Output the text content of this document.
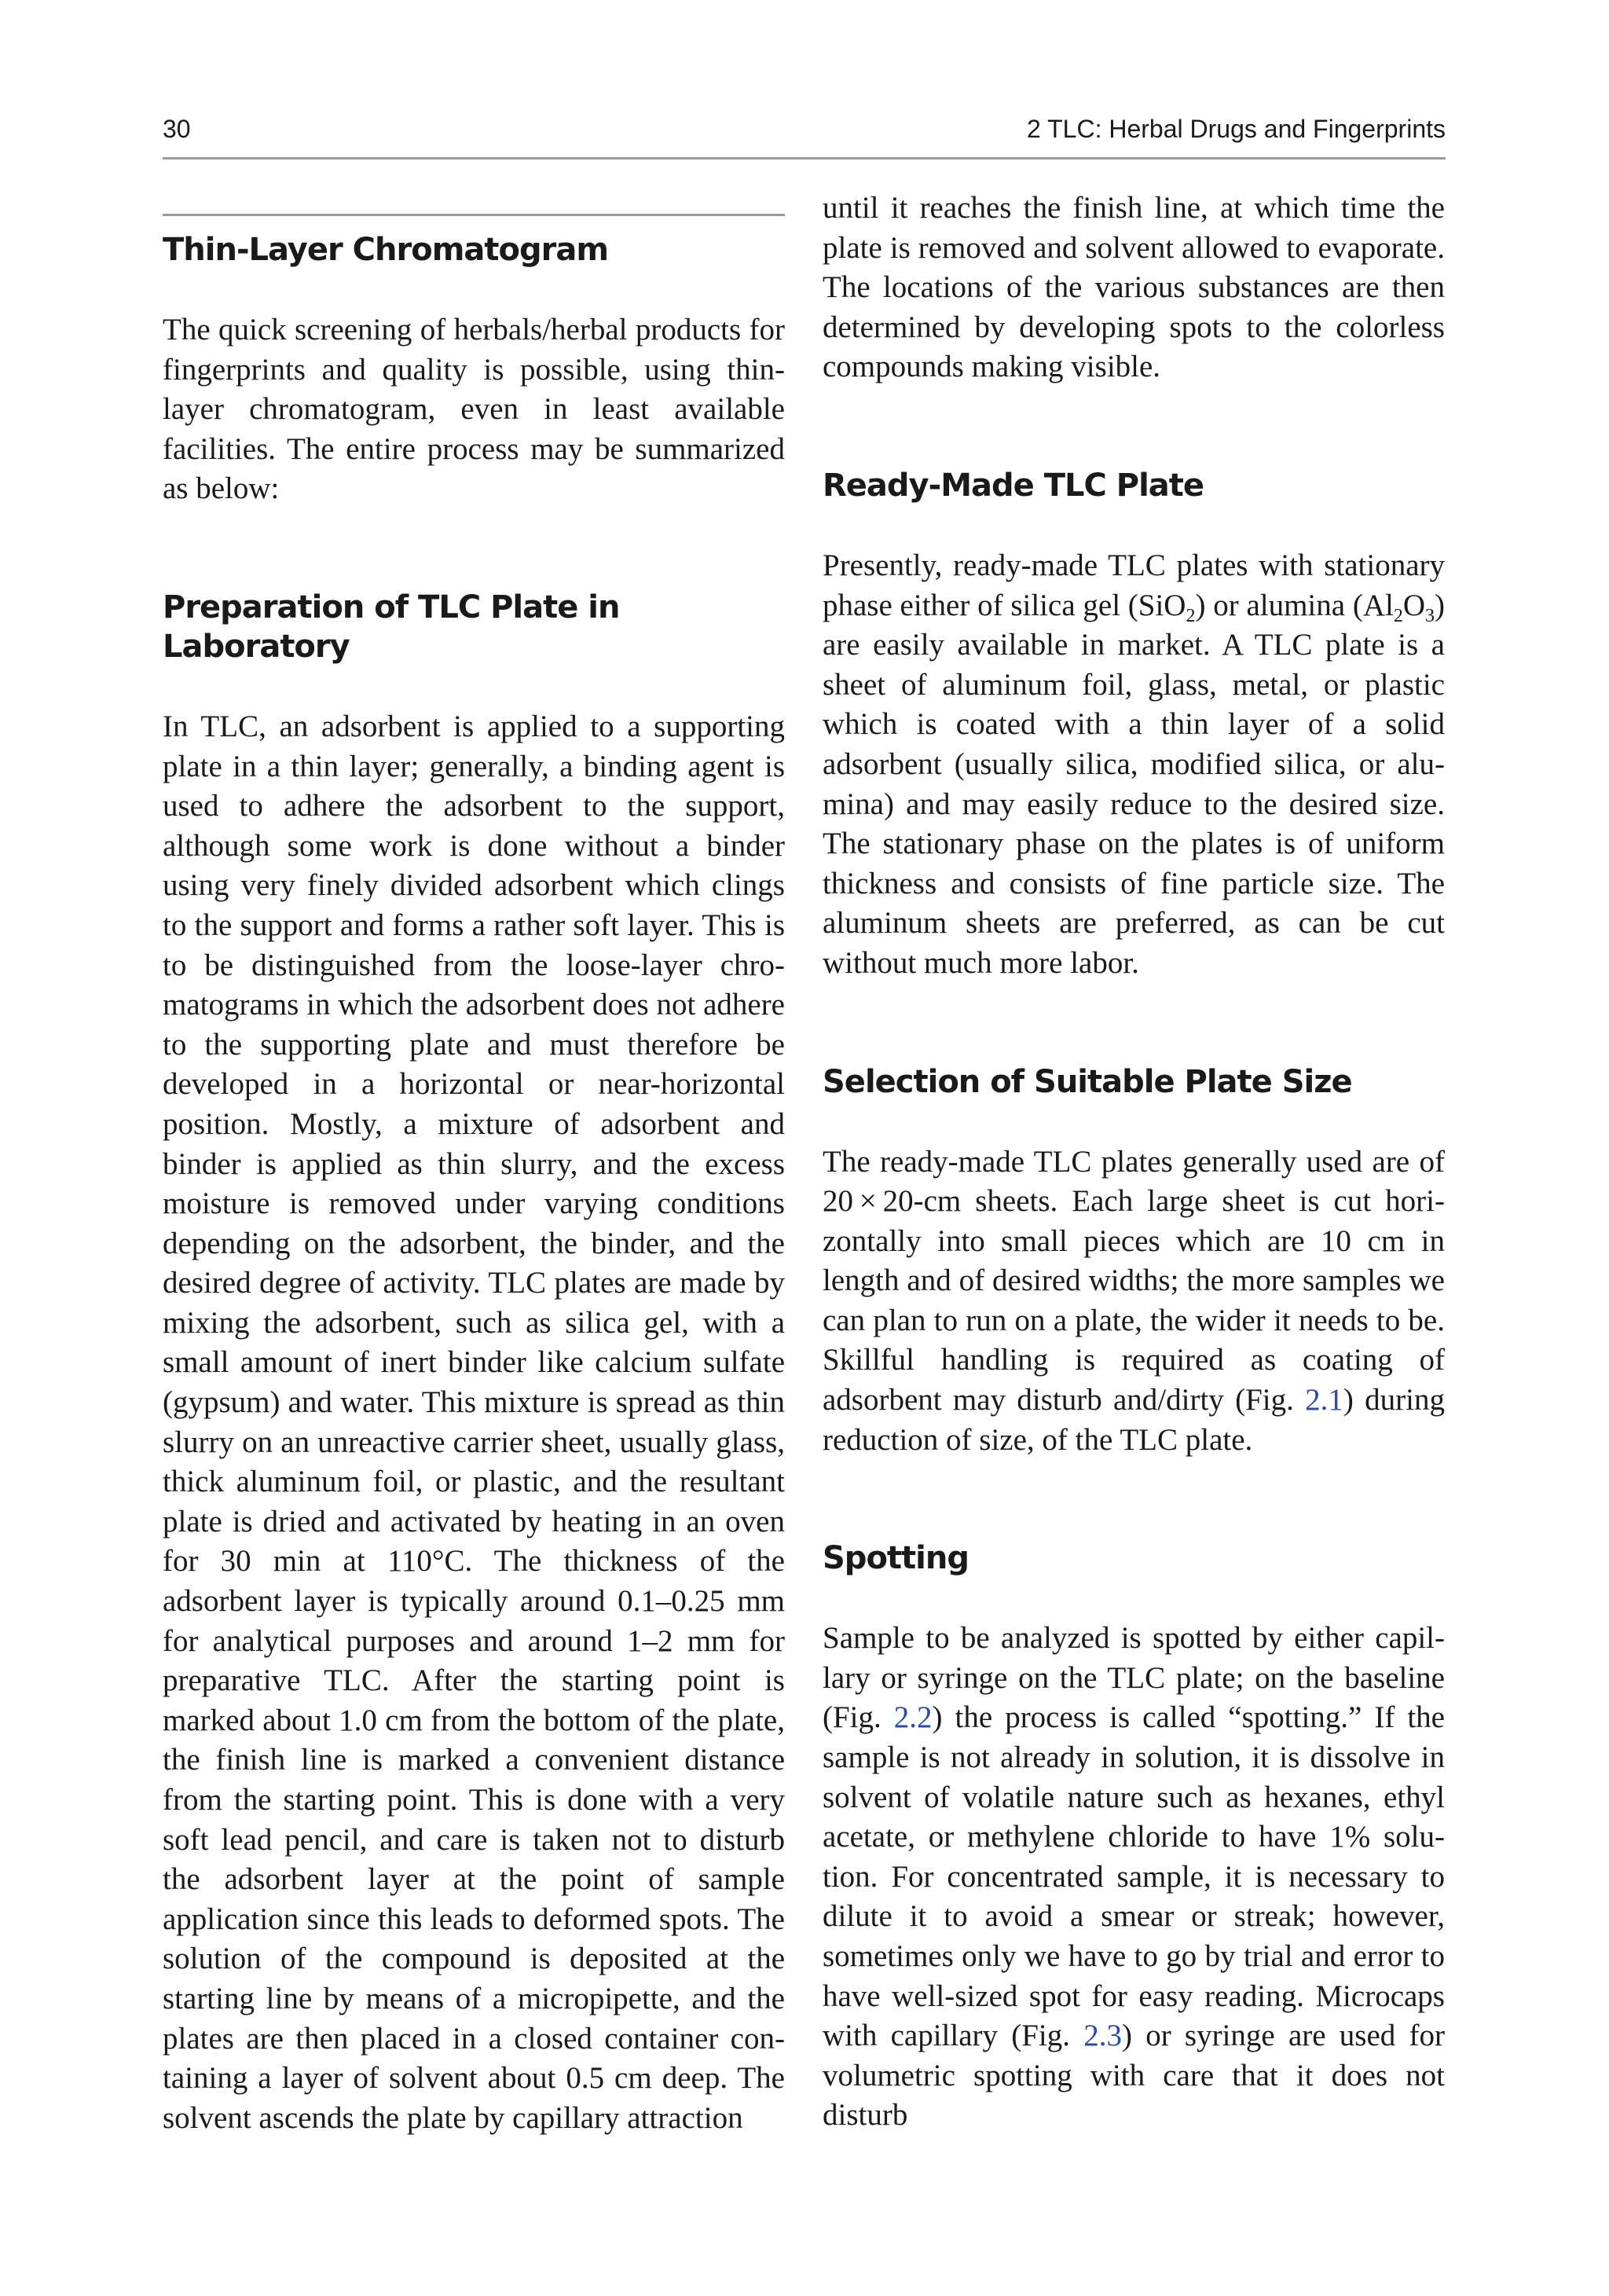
30	2 TLC: Herbal Drugs and Fingerprints
Thin-Layer Chromatogram

The quick screening of herbals/herbal products for fingerprints and quality is possible, using thin-layer chromatogram, even in least available facilities. The entire process may be summarized as below:

Preparation of TLC Plate in Laboratory

In TLC, an adsorbent is applied to a supporting plate in a thin layer; generally, a binding agent is used to adhere the adsorbent to the support, although some work is done without a binder using very finely divided adsorbent which clings to the support and forms a rather soft layer. This is to be distinguished from the loose-layer chromatograms in which the adsorbent does not adhere to the supporting plate and must therefore be developed in a horizontal or near-horizontal position. Mostly, a mixture of adsorbent and binder is applied as thin slurry, and the excess moisture is removed under varying conditions depending on the adsorbent, the binder, and the desired degree of activity. TLC plates are made by mixing the adsorbent, such as silica gel, with a small amount of inert binder like calcium sulfate (gypsum) and water. This mixture is spread as thin slurry on an unreactive carrier sheet, usually glass, thick aluminum foil, or plastic, and the resultant plate is dried and activated by heating in an oven for 30 min at 110°C. The thickness of the adsorbent layer is typically around 0.1–0.25 mm for analytical purposes and around 1–2 mm for preparative TLC. After the starting point is marked about 1.0 cm from the bottom of the plate, the finish line is marked a convenient distance from the starting point. This is done with a very soft lead pencil, and care is taken not to disturb the adsorbent layer at the point of sample application since this leads to deformed spots. The solution of the compound is deposited at the starting line by means of a micropipette, and the plates are then placed in a closed container containing a layer of solvent about 0.5 cm deep. The solvent ascends the plate by capillary attraction

until it reaches the finish line, at which time the plate is removed and solvent allowed to evaporate. The locations of the various substances are then determined by developing spots to the colorless compounds making visible.

Ready-Made TLC Plate

Presently, ready-made TLC plates with stationary phase either of silica gel (SiO$_2$) or alumina $(Al_2O_3)$ are easily available in market. A TLC plate is a sheet of aluminum foil, glass, metal, or plastic which is coated with a thin layer of a solid adsorbent (usually silica, modified silica, or alumina) and may easily reduce to the desired size. The stationary phase on the plates is of uniform thickness and consists of fine particle size. The aluminum sheets are preferred, as can be cut without much more labor.

Selection of Suitable Plate Size

The ready-made TLC plates generally used are of 20 × 20-cm sheets. Each large sheet is cut horizontally into small pieces which are 10 cm in length and of desired widths; the more samples we can plan to run on a plate, the wider it needs to be. Skillful handling is required as coating of adsorbent may disturb and/dirty (Fig. 2.1) during reduction of size, of the TLC plate.

Spotting

Sample to be analyzed is spotted by either capillary or syringe on the TLC plate; on the baseline (Fig. 2.2) the process is called “spotting.” If the sample is not already in solution, it is dissolve in solvent of volatile nature such as hexanes, ethyl acetate, or methylene chloride to have 1% solution. For concentrated sample, it is necessary to dilute it to avoid a smear or streak; however, sometimes only we have to go by trial and error to have well-sized spot for easy reading. Microcaps with capillary (Fig. 2.3) or syringe are used for volumetric spotting with care that it does not disturb
